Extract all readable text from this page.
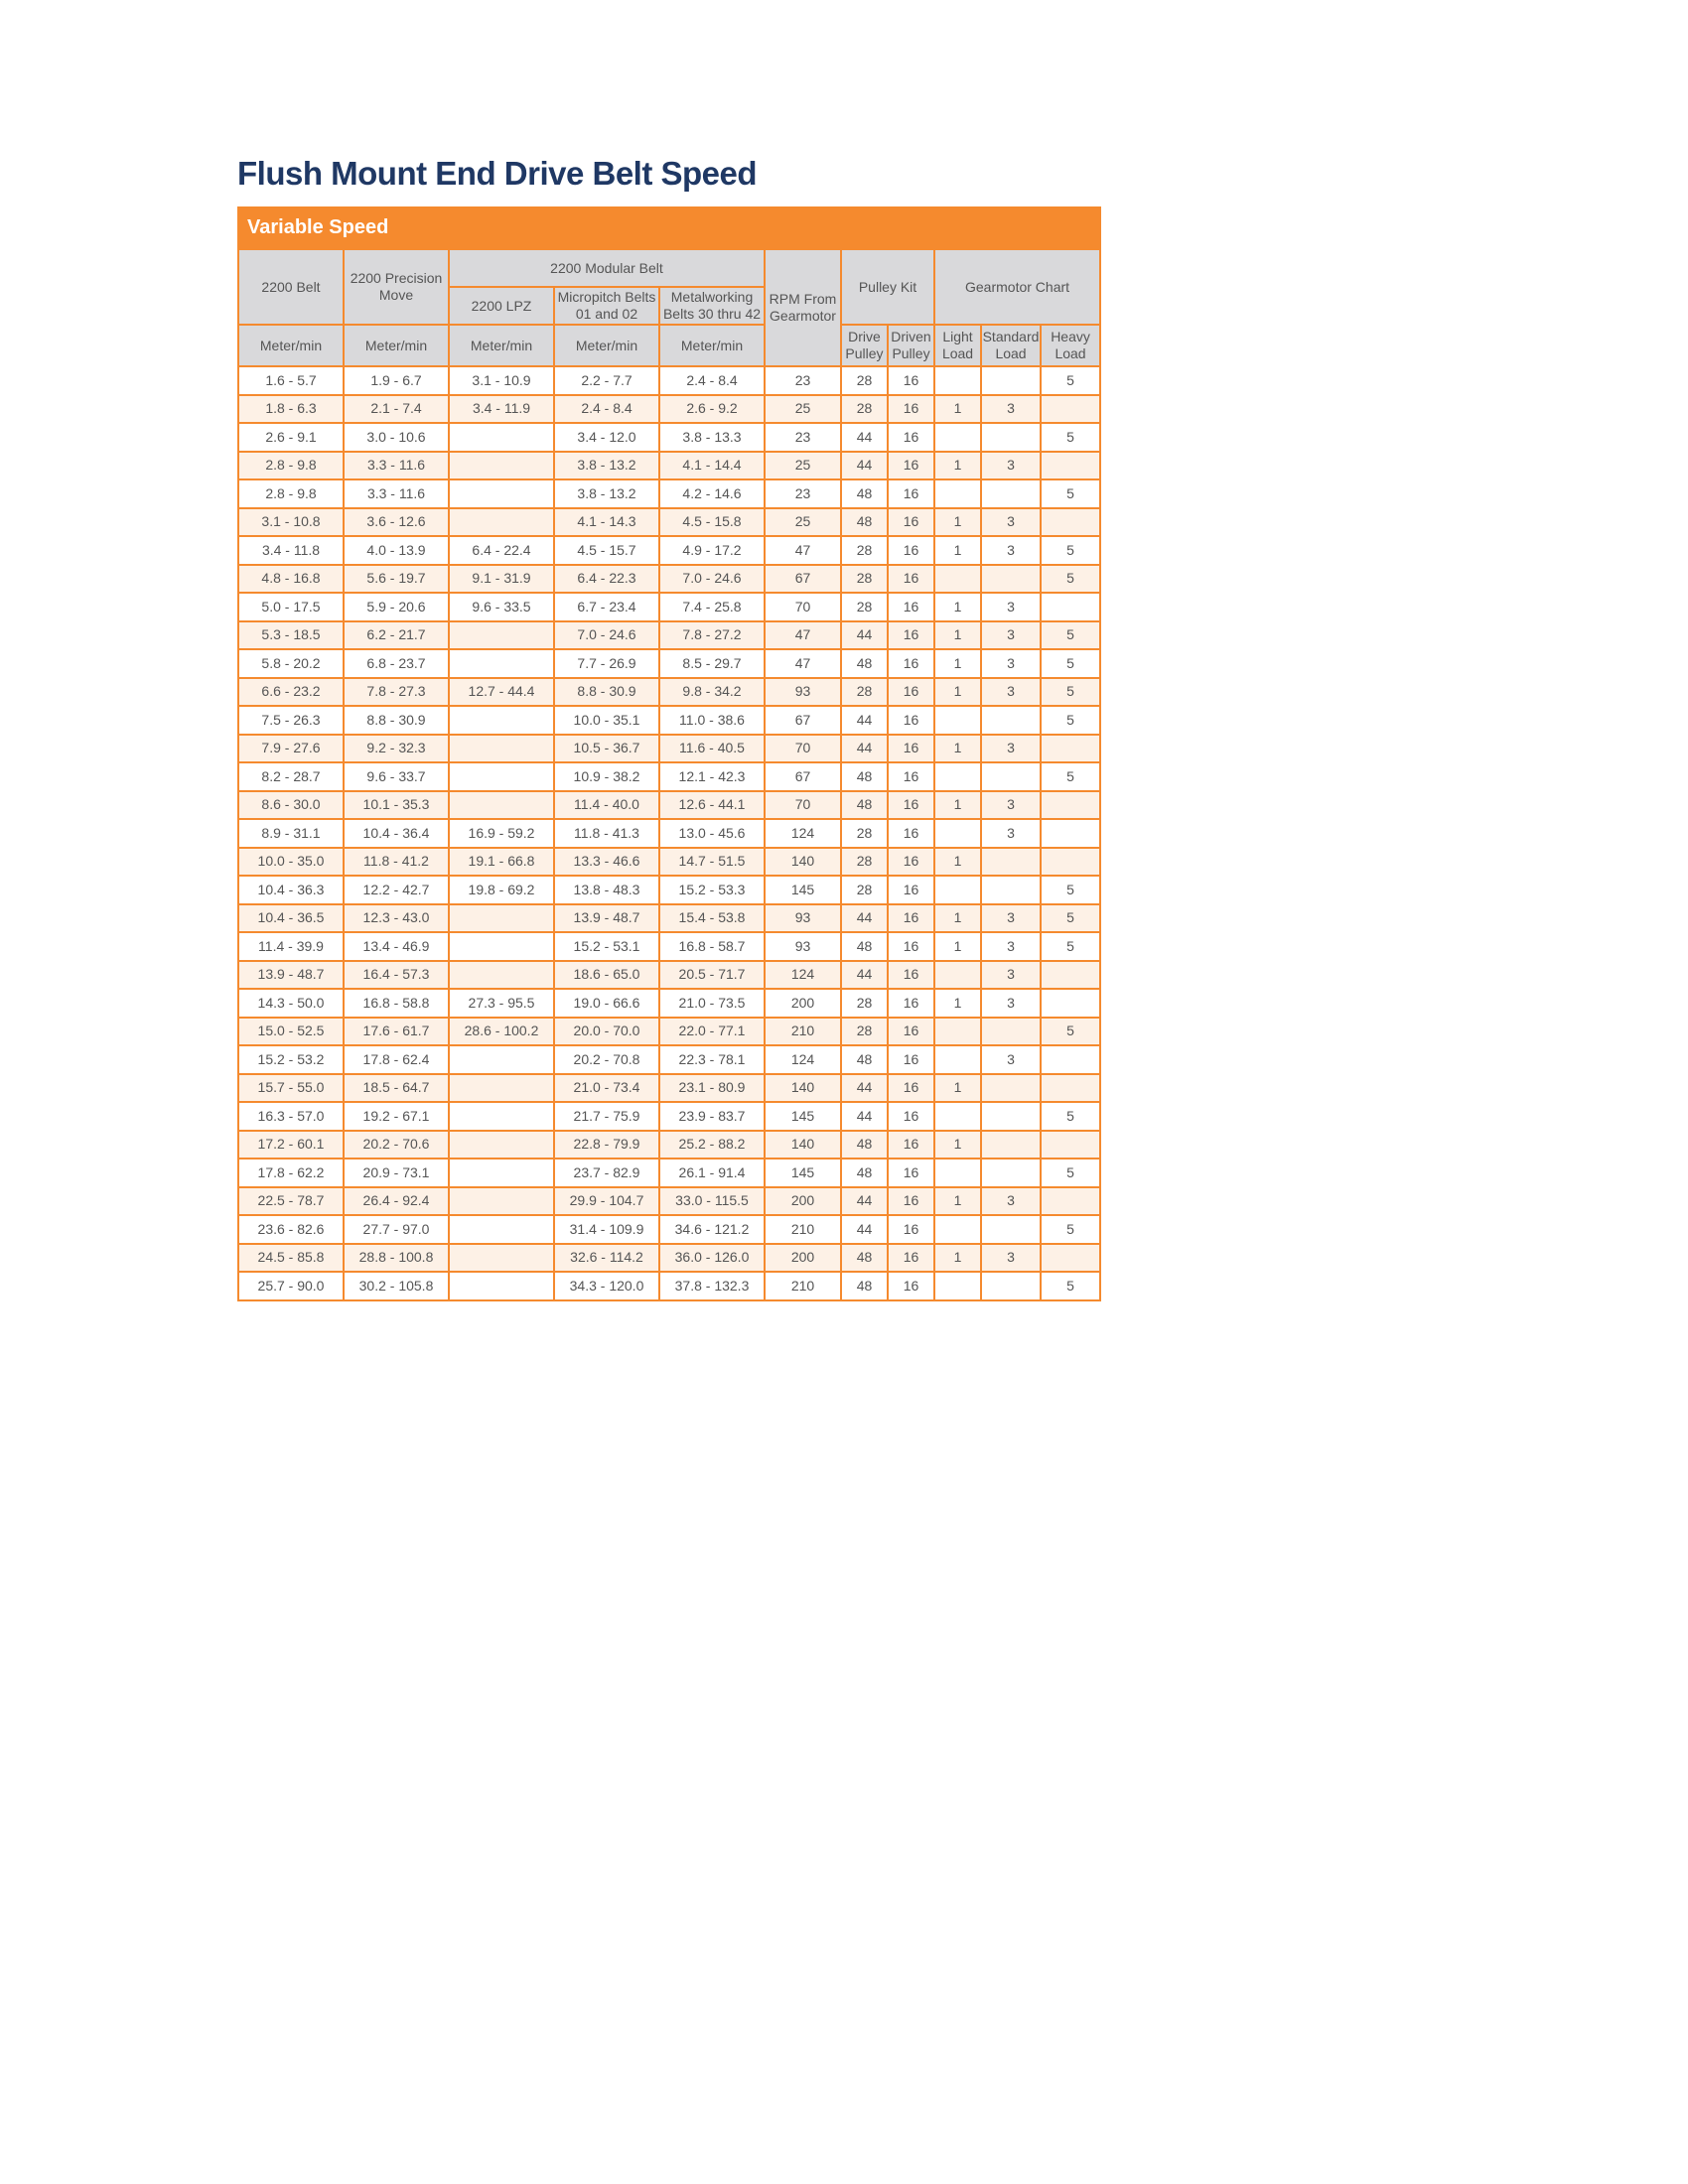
Flush Mount End Drive Belt Speed
Variable Speed
2200 Belt	2200 Precision Move	2200 Modular Belt			RPM From Gearmotor	Pulley Kit		Gearmotor Chart		
		2200 LPZ	Micropitch Belts 01 and 02	Metalworking Belts 30 thru 42						
Meter/min	Meter/min	Meter/min	Meter/min	Meter/min		Drive Pulley	Driven Pulley	Light Load	Standard Load	Heavy Load
1.6 - 5.7	1.9 - 6.7	3.1 - 10.9	2.2 - 7.7	2.4 - 8.4	23	28	16			5
1.8 - 6.3	2.1 - 7.4	3.4 - 11.9	2.4 - 8.4	2.6 - 9.2	25	28	16	1	3	
2.6 - 9.1	3.0 - 10.6		3.4 - 12.0	3.8 - 13.3	23	44	16			5
2.8 - 9.8	3.3 - 11.6		3.8 - 13.2	4.1 - 14.4	25	44	16	1	3	
2.8 - 9.8	3.3 - 11.6		3.8 - 13.2	4.2 - 14.6	23	48	16			5
3.1 - 10.8	3.6 - 12.6		4.1 - 14.3	4.5 - 15.8	25	48	16	1	3	
3.4 - 11.8	4.0 - 13.9	6.4 - 22.4	4.5 - 15.7	4.9 - 17.2	47	28	16	1	3	5
4.8 - 16.8	5.6 - 19.7	9.1 - 31.9	6.4 - 22.3	7.0 - 24.6	67	28	16			5
5.0 - 17.5	5.9 - 20.6	9.6 - 33.5	6.7 - 23.4	7.4 - 25.8	70	28	16	1	3	
5.3 - 18.5	6.2 - 21.7		7.0 - 24.6	7.8 - 27.2	47	44	16	1	3	5
5.8 - 20.2	6.8 - 23.7		7.7 - 26.9	8.5 - 29.7	47	48	16	1	3	5
6.6 - 23.2	7.8 - 27.3	12.7 - 44.4	8.8 - 30.9	9.8 - 34.2	93	28	16	1	3	5
7.5 - 26.3	8.8 - 30.9		10.0 - 35.1	11.0 - 38.6	67	44	16			5
7.9 - 27.6	9.2 - 32.3		10.5 - 36.7	11.6 - 40.5	70	44	16	1	3	
8.2 - 28.7	9.6 - 33.7		10.9 - 38.2	12.1 - 42.3	67	48	16			5
8.6 - 30.0	10.1 - 35.3		11.4 - 40.0	12.6 - 44.1	70	48	16	1	3	
8.9 - 31.1	10.4 - 36.4	16.9 - 59.2	11.8 - 41.3	13.0 - 45.6	124	28	16		3	
10.0 - 35.0	11.8 - 41.2	19.1 - 66.8	13.3 - 46.6	14.7 - 51.5	140	28	16	1		
10.4 - 36.3	12.2 - 42.7	19.8 - 69.2	13.8 - 48.3	15.2 - 53.3	145	28	16			5
10.4 - 36.5	12.3 - 43.0		13.9 - 48.7	15.4 - 53.8	93	44	16	1	3	5
11.4 - 39.9	13.4 - 46.9		15.2 - 53.1	16.8 - 58.7	93	48	16	1	3	5
13.9 - 48.7	16.4 - 57.3		18.6 - 65.0	20.5 - 71.7	124	44	16		3	
14.3 - 50.0	16.8 - 58.8	27.3 - 95.5	19.0 - 66.6	21.0 - 73.5	200	28	16	1	3	
15.0 - 52.5	17.6 - 61.7	28.6 - 100.2	20.0 - 70.0	22.0 - 77.1	210	28	16			5
15.2 - 53.2	17.8 - 62.4		20.2 - 70.8	22.3 - 78.1	124	48	16		3	
15.7 - 55.0	18.5 - 64.7		21.0 - 73.4	23.1 - 80.9	140	44	16	1		
16.3 - 57.0	19.2 - 67.1		21.7 - 75.9	23.9 - 83.7	145	44	16			5
17.2 - 60.1	20.2 - 70.6		22.8 - 79.9	25.2 - 88.2	140	48	16	1		
17.8 - 62.2	20.9 - 73.1		23.7 - 82.9	26.1 - 91.4	145	48	16			5
22.5 - 78.7	26.4 - 92.4		29.9 - 104.7	33.0 - 115.5	200	44	16	1	3	
23.6 - 82.6	27.7 - 97.0		31.4 - 109.9	34.6 - 121.2	210	44	16			5
24.5 - 85.8	28.8 - 100.8		32.6 - 114.2	36.0 - 126.0	200	48	16	1	3	
25.7 - 90.0	30.2 - 105.8		34.3 - 120.0	37.8 - 132.3	210	48	16			5
